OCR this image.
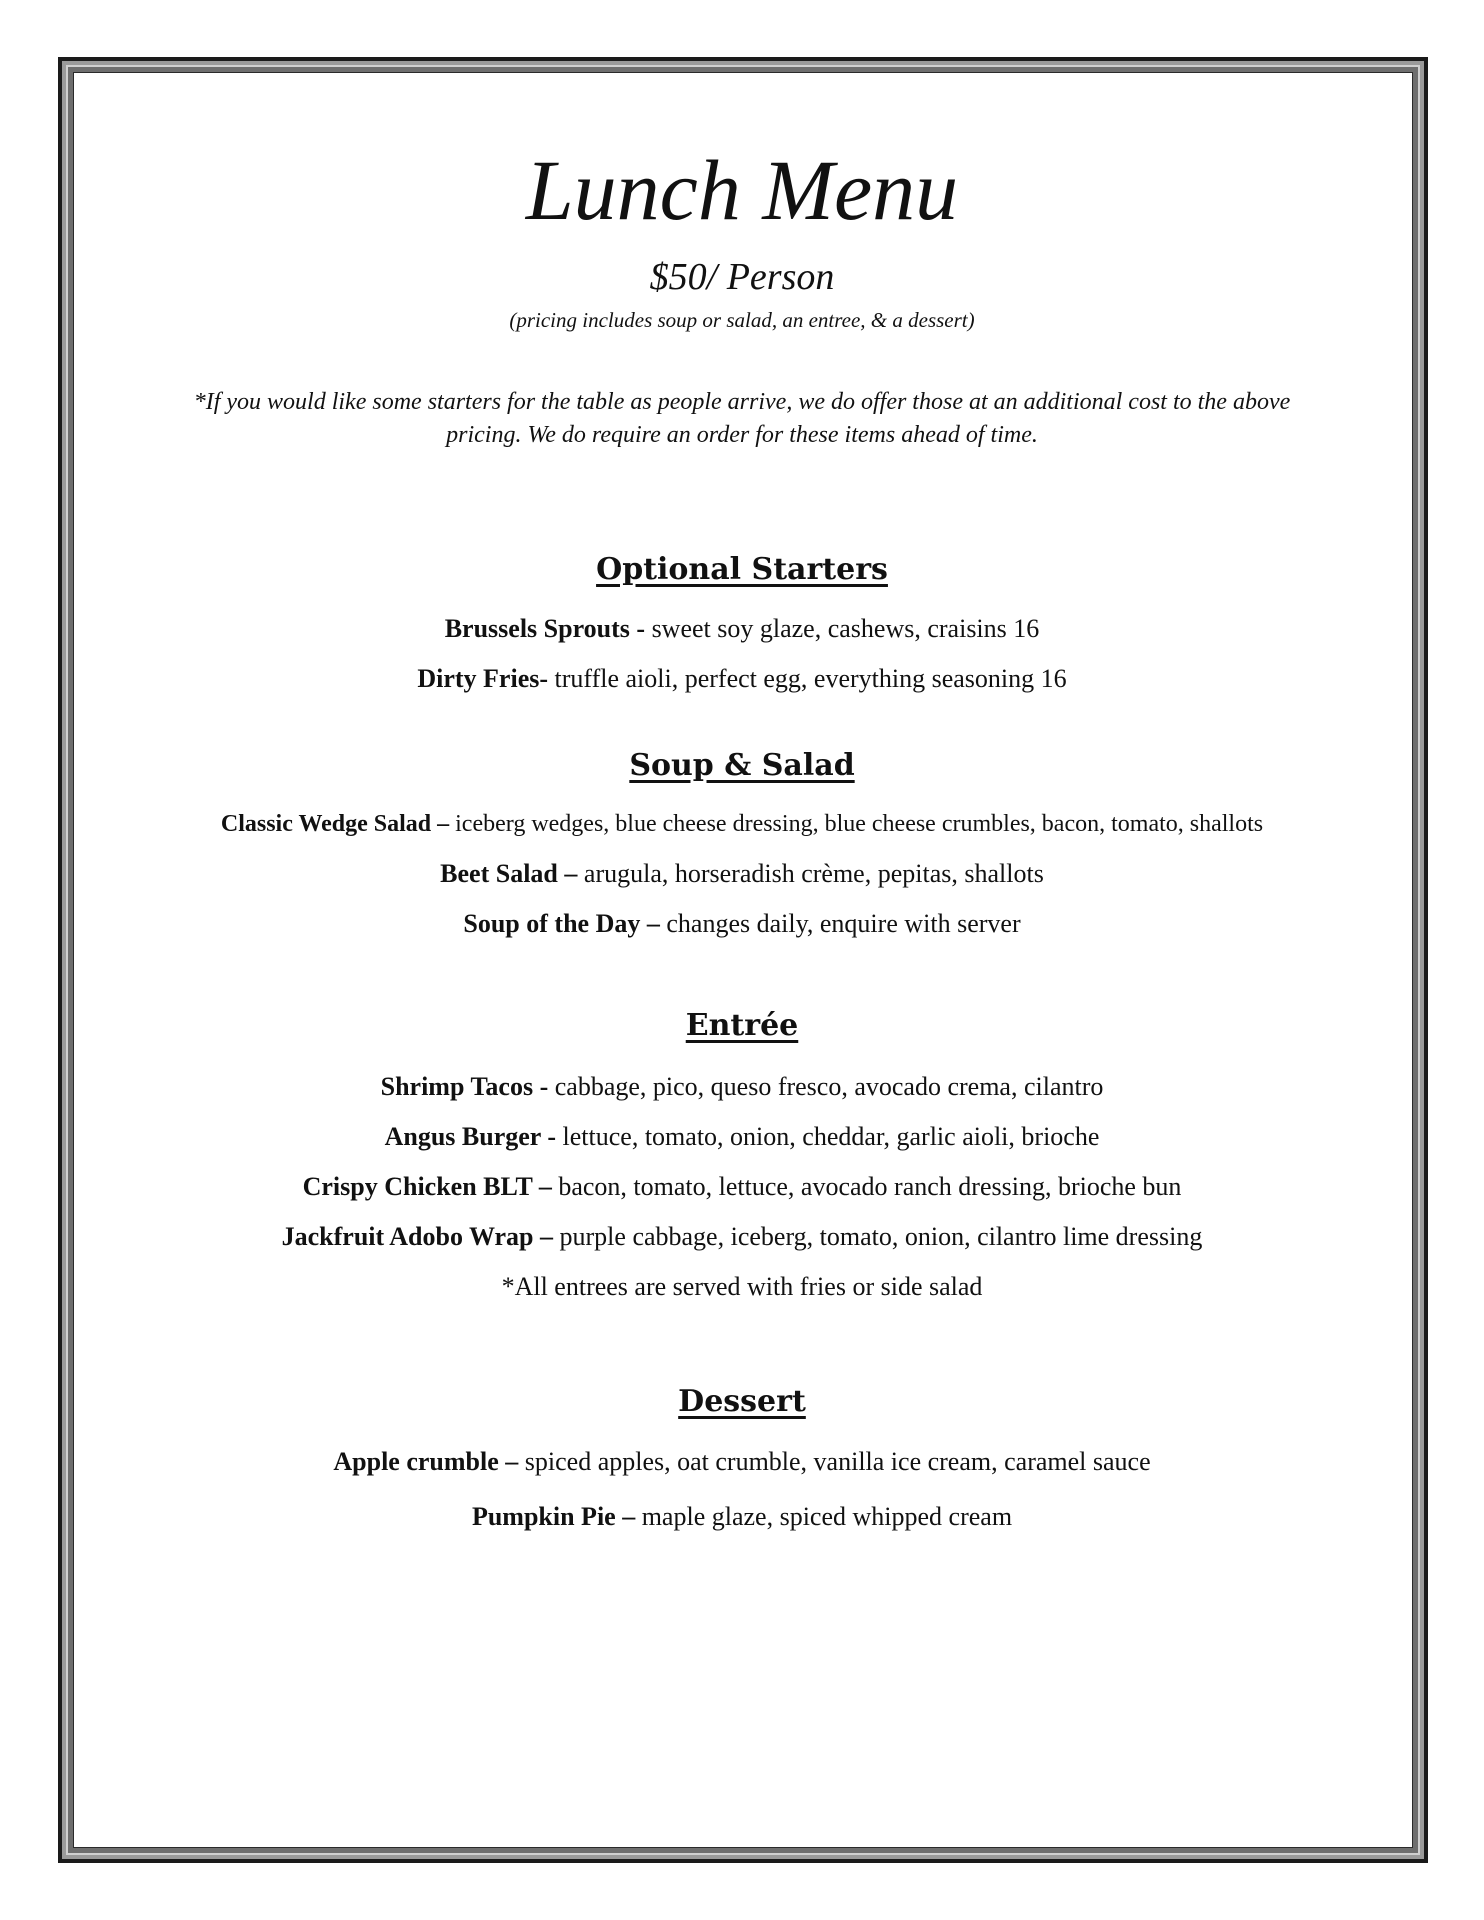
Lunch Menu
$50/ Person
(pricing includes soup or salad, an entree, & a dessert)
*If you would like some starters for the table as people arrive, we do offer those at an additional cost to the above pricing. We do require an order for these items ahead of time.
Optional Starters
Brussels Sprouts - sweet soy glaze, cashews, craisins 16
Dirty Fries- truffle aioli, perfect egg, everything seasoning 16
Soup & Salad
Classic Wedge Salad – iceberg wedges, blue cheese dressing, blue cheese crumbles, bacon, tomato, shallots
Beet Salad – arugula, horseradish crème, pepitas, shallots
Soup of the Day – changes daily, enquire with server
Entrée
Shrimp Tacos - cabbage, pico, queso fresco, avocado crema, cilantro
Angus Burger - lettuce, tomato, onion, cheddar, garlic aioli, brioche
Crispy Chicken BLT – bacon, tomato, lettuce, avocado ranch dressing, brioche bun
Jackfruit Adobo Wrap – purple cabbage, iceberg, tomato, onion, cilantro lime dressing
*All entrees are served with fries or side salad
Dessert
Apple crumble – spiced apples, oat crumble, vanilla ice cream, caramel sauce
Pumpkin Pie – maple glaze, spiced whipped cream
